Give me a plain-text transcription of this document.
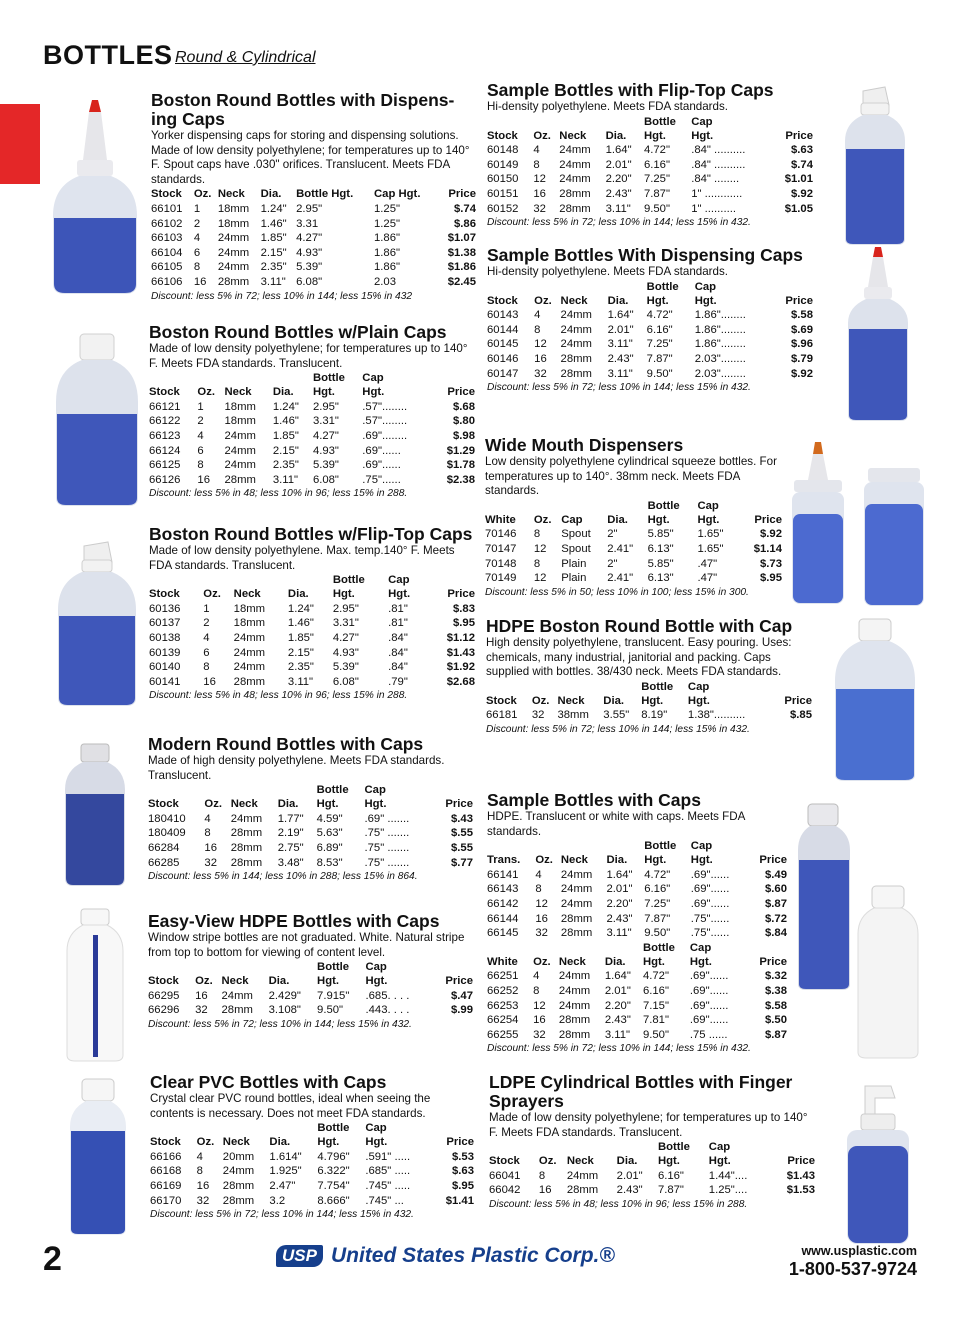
BOTTLES Round & Cylindrical
Boston Round Bottles with Dispens- ing Caps

Yorker dispensing caps for storing and dispensing solutions. Made of low density polyethylene; for temperatures up to 140° F. Spout caps have .030" orifices. Translucent. Meets FDA standards.

Stock	Oz.	Neck	Dia.	Bottle Hgt.	Cap Hgt.	Price
66101	1	18mm	1.24"	2.95"	1.25"	$.74
66102	2	18mm	1.46"	3.31	1.25"	$.86
66103	4	24mm	1.85"	4.27"	1.86"	$1.07
66104	6	24mm	2.15"	4.93"	1.86"	$1.38
66105	8	24mm	2.35"	5.39"	1.86"	$1.86
66106	16	28mm	3.11"	6.08"	2.03	$2.45
Discount: less 5% in 72; less 10% in 144; less 15% in 432
Boston Round Bottles w/Plain Caps

Made of low density polyethylene; for temperatures up to 140° F. Meets FDA standards. Translucent.

				Bottle	Cap	
Stock	Oz.	Neck	Dia.	Hgt.	Hgt.	Price
66121	1	18mm	1.24"	2.95"	.57"........	$.68
66122	2	18mm	1.46"	3.31"	.57"........	$.80
66123	4	24mm	1.85"	4.27"	.69"........	$.98
66124	6	24mm	2.15"	4.93"	.69"......	$1.29
66125	8	24mm	2.35"	5.39"	.69"......	$1.78
66126	16	28mm	3.11"	6.08"	.75"......	$2.38
Discount: less 5% in 48; less 10% in 96; less 15% in 288.
Boston Round Bottles w/Flip-Top Caps

Made of low density polyethylene. Max. temp.140° F. Meets FDA standards. Translucent.

				Bottle	Cap	
Stock	Oz.	Neck	Dia.	Hgt.	Hgt.	Price
60136	1	18mm	1.24"	2.95"	.81"	$.83
60137	2	18mm	1.46"	3.31"	.81"	$.95
60138	4	24mm	1.85"	4.27"	.84"	$1.12
60139	6	24mm	2.15"	4.93"	.84"	$1.43
60140	8	24mm	2.35"	5.39"	.84"	$1.92
60141	16	28mm	3.11"	6.08"	.79"	$2.68
Discount: less 5% in 48; less 10% in 96; less 15% in 288.
Modern Round Bottles with Caps

Made of high density polyethylene. Meets FDA standards. Translucent.

				Bottle	Cap	
Stock	Oz.	Neck	Dia.	Hgt.	Hgt.	Price
180410	4	24mm	1.77"	4.59"	.69" .......	$.43
180409	8	28mm	2.19"	5.63"	.75" .......	$.55
66284	16	28mm	2.75"	6.89"	.75" .......	$.55
66285	32	28mm	3.48"	8.53"	.75" .......	$.77
Discount: less 5% in 144; less 10% in 288; less 15% in 864.
Easy-View HDPE Bottles with Caps

Window stripe bottles are not graduated. White. Natural stripe from top to bottom for viewing of content level.

				Bottle	Cap	
Stock	Oz.	Neck	Dia.	Hgt.	Hgt.	Price
66295	16	24mm	2.429"	7.915"	.685. . . .	$.47
66296	32	28mm	3.108"	9.50"	.443. . . .	$.99
Discount: less 5% in 72; less 10% in 144; less 15% in 432.
Clear PVC Bottles with Caps

Crystal clear PVC round bottles, ideal when seeing the contents is necessary. Does not meet FDA standards.

				Bottle	Cap	
Stock	Oz.	Neck	Dia.	Hgt.	Hgt.	Price
66166	4	20mm	1.614"	4.796"	.591" .....	$.53
66168	8	24mm	1.925"	6.322"	.685" .....	$.63
66169	16	28mm	2.47"	7.754"	.745" .....	$.95
66170	32	28mm	3.2	8.666"	.745" ...	$1.41
Discount: less 5% in 72; less 10% in 144; less 15% in 432.
Sample Bottles with Flip-Top Caps

Hi-density polyethylene. Meets FDA standards.

				Bottle	Cap	
Stock	Oz.	Neck	Dia.	Hgt.	Hgt.	Price
60148	4	24mm	1.64"	4.72"	.84" ..........	$.63
60149	8	24mm	2.01"	6.16"	.84" ..........	$.74
60150	12	24mm	2.20"	7.25"	.84" ........	$1.01
60151	16	28mm	2.43"	7.87"	1" ............	$.92
60152	32	28mm	3.11"	9.50"	1" ..........	$1.05
Discount: less 5% in 72; less 10% in 144; less 15% in 432.
Sample Bottles With Dispensing Caps

Hi-density polyethylene. Meets FDA standards.

				Bottle	Cap	
Stock	Oz.	Neck	Dia.	Hgt.	Hgt.	Price
60143	4	24mm	1.64"	4.72"	1.86"........	$.58
60144	8	24mm	2.01"	6.16"	1.86"........	$.69
60145	12	24mm	3.11"	7.25"	1.86"........	$.96
60146	16	28mm	2.43"	7.87"	2.03"........	$.79
60147	32	28mm	3.11"	9.50"	2.03"........	$.92
Discount: less 5% in 72; less 10% in 144; less 15% in 432.
Wide Mouth Dispensers

Low density polyethylene cylindrical squeeze bottles. For temperatures up to 140°. 38mm neck. Meets FDA standards.

				Bottle	Cap	
White	Oz.	Cap	Dia.	Hgt.	Hgt.	Price
70146	8	Spout	2"	5.85"	1.65"	$.92
70147	12	Spout	2.41"	6.13"	1.65"	$1.14
70148	8	Plain	2"	5.85"	.47"	$.73
70149	12	Plain	2.41"	6.13"	.47"	$.95
Discount: less 5% in 50; less 10% in 100; less 15% in 300.
HDPE Boston Round Bottle with Cap

High density polyethylene, translucent. Easy pouring. Uses: chemicals, many industrial, janitorial and packing. Caps supplied with bottles. 38/430 neck. Meets FDA standards.

				Bottle	Cap	
Stock	Oz.	Neck	Dia.	Hgt.	Hgt.	Price
66181	32	38mm	3.55"	8.19"	1.38"..........	$.85
Discount: less 5% in 72; less 10% in 144; less 15% in 432.
Sample Bottles with Caps

HDPE. Translucent or white with caps. Meets FDA standards.

				Bottle	Cap	
Trans.	Oz.	Neck	Dia.	Hgt.	Hgt.	Price
66141	4	24mm	1.64"	4.72"	.69"......	$.49
66143	8	24mm	2.01"	6.16"	.69"......	$.60
66142	12	24mm	2.20"	7.25"	.69"......	$.87
66144	16	28mm	2.43"	7.87"	.75"......	$.72
66145	32	28mm	3.11"	9.50"	.75"......	$.84
				Bottle	Cap	
White	Oz.	Neck	Dia.	Hgt.	Hgt.	Price
66251	4	24mm	1.64"	4.72"	.69"......	$.32
66252	8	24mm	2.01"	6.16"	.69"......	$.38
66253	12	24mm	2.20"	7.15"	.69"......	$.58
66254	16	28mm	2.43"	7.81"	.69"......	$.50
66255	32	28mm	3.11"	9.50"	.75 ......	$.87
Discount: less 5% in 72; less 10% in 144; less 15% in 432.
LDPE Cylindrical Bottles with Finger Sprayers

Made of low density polyethylene; for temperatures up to 140° F. Meets FDA standards. Translucent.

				Bottle	Cap	
Stock	Oz.	Neck	Dia.	Hgt.	Hgt.	Price
66041	8	24mm	2.01"	6.16"	1.44"....	$1.43
66042	16	28mm	2.43"	7.87"	1.25"....	$1.53
Discount: less 5% in 48; less 10% in 96; less 15% in 288.
2	USP United States Plastic Corp.®	www.usplastic.com
1-800-537-9724
